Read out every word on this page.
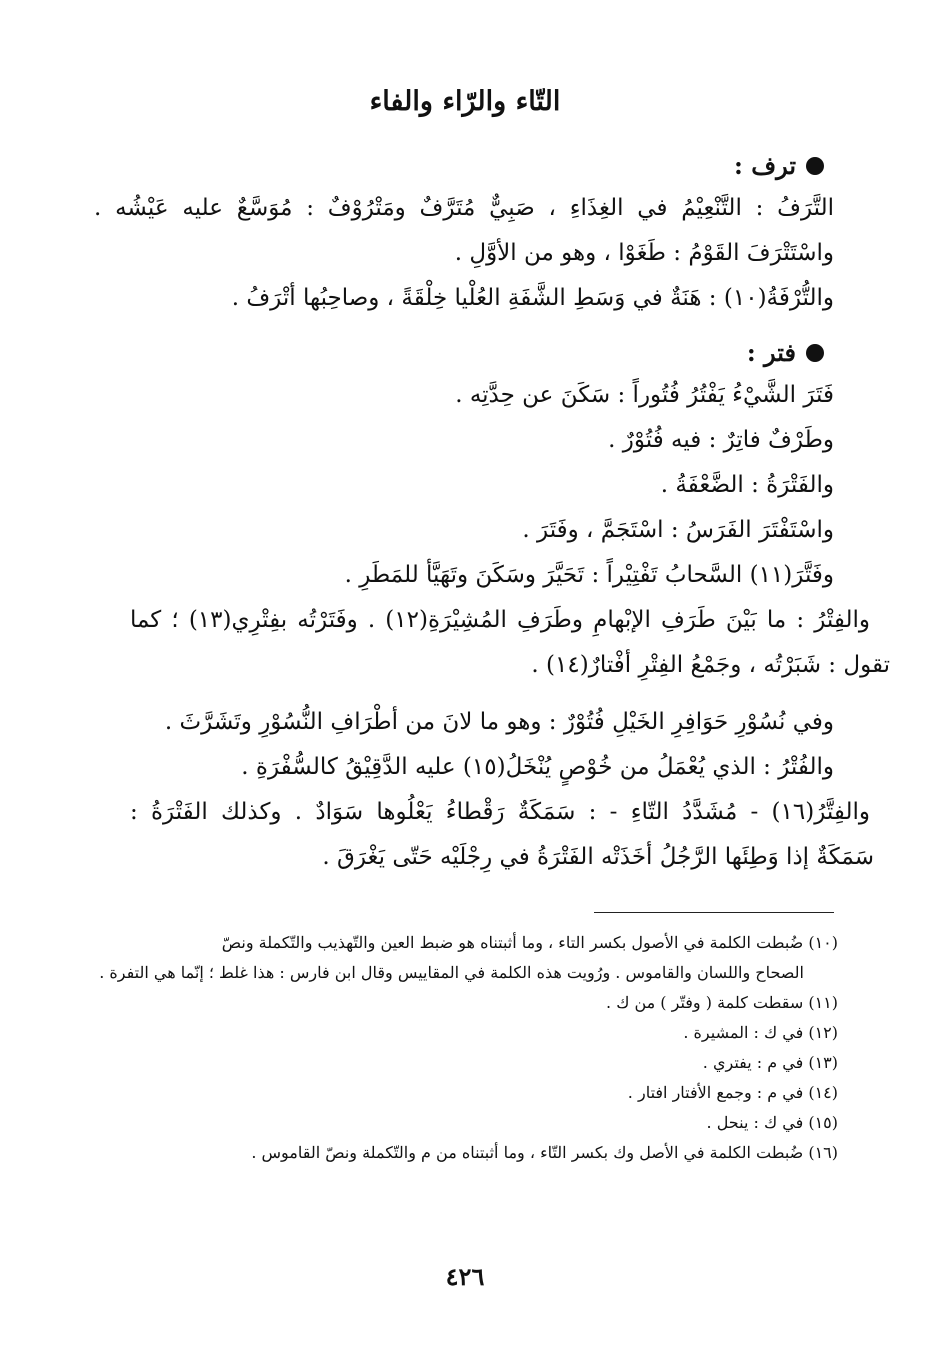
التّاء والرّاء والفاء
ترف :

التَّرَفُ : التَّنْعِيْمُ في الغِذَاءِ ، صَبِيٌّ مُتَرَّفٌ ومَتْرُوْفٌ : مُوَسَّعٌ عليه عَيْشُه .

واسْتَتْرَفَ القَوْمُ : طَغَوْا ، وهو من الأوَّلِ .

والتُّرْفَةُ(١٠) : هَنَةٌ في وَسَطِ الشَّفَةِ العُلْيا خِلْقَةً ، وصاحِبُها أتْرَفُ .

فتر :

فَتَرَ الشَّيْءُ يَفْتُرُ فُتُوراً : سَكَنَ عن حِدَّتِه .

وطَرْفٌ فاتِرٌ : فيه فُتُوْرٌ .

والفَتْرَةُ : الضَّعْفَةُ .

واسْتَفْتَرَ الفَرَسُ : اسْتَجَمَّ ، وفَتَرَ .

وفَتَّرَ(١١) السَّحابُ تَفْتِيْراً : تَحَيَّرَ وسَكَنَ وتَهَيَّأ للمَطَرِ .

والفِتْرُ : ما بَيْنَ طَرَفِ الإبْهامِ وطَرَفِ المُشِيْرَةِ(١٢) . وفَتَرْتُه بفِتْرِي(١٣) ؛ كما

تقول : شَبَرْتُه ، وجَمْعُ الفِتْرِ أفْتارٌ(١٤) .

وفي نُسُوْرِ حَوَافِرِ الخَيْلِ فُتُوْرٌ : وهو ما لانَ من أطْرَافِ النُّسُوْرِ وتَشَرَّثَ .

والفُتْرُ : الذي يُعْمَلُ من خُوْصٍ يُنْخَلُ(١٥) عليه الدَّقِيْقُ كالسُّفْرَةِ .

والفِتَّرُ(١٦) - مُشَدَّدُ التّاءِ - : سَمَكَةٌ رَقْطاءُ يَعْلُوها سَوَادٌ . وكذلك الفَتْرَةُ :

سَمَكَةٌ إذا وَطِئَها الرَّجُلُ أخَذَتْه الفَتْرَةُ في رِجْلَيْه حَتّى يَغْرَقَ .

(١٠) ضُبطت الكلمة في الأصول بكسر التاء ، وما أثبتناه هو ضبط العين والتّهذيب والتّكملة ونصّ
الصحاح واللسان والقاموس . ورُويت هذه الكلمة في المقاييس وقال ابن فارس : هذا غلط ؛ إنّما هي التفرة .

(١١) سقطت كلمة ( وفتّر ) من ك .

(١٢) في ك : المشيرة .

(١٣) في م : يفتري .

(١٤) في م : وجمع الأفتار افتار .

(١٥) في ك : ينحل .

(١٦) ضُبطت الكلمة في الأصل وك بكسر التّاء ، وما أثبتناه من م والتّكملة ونصّ القاموس .

٤٢٦
